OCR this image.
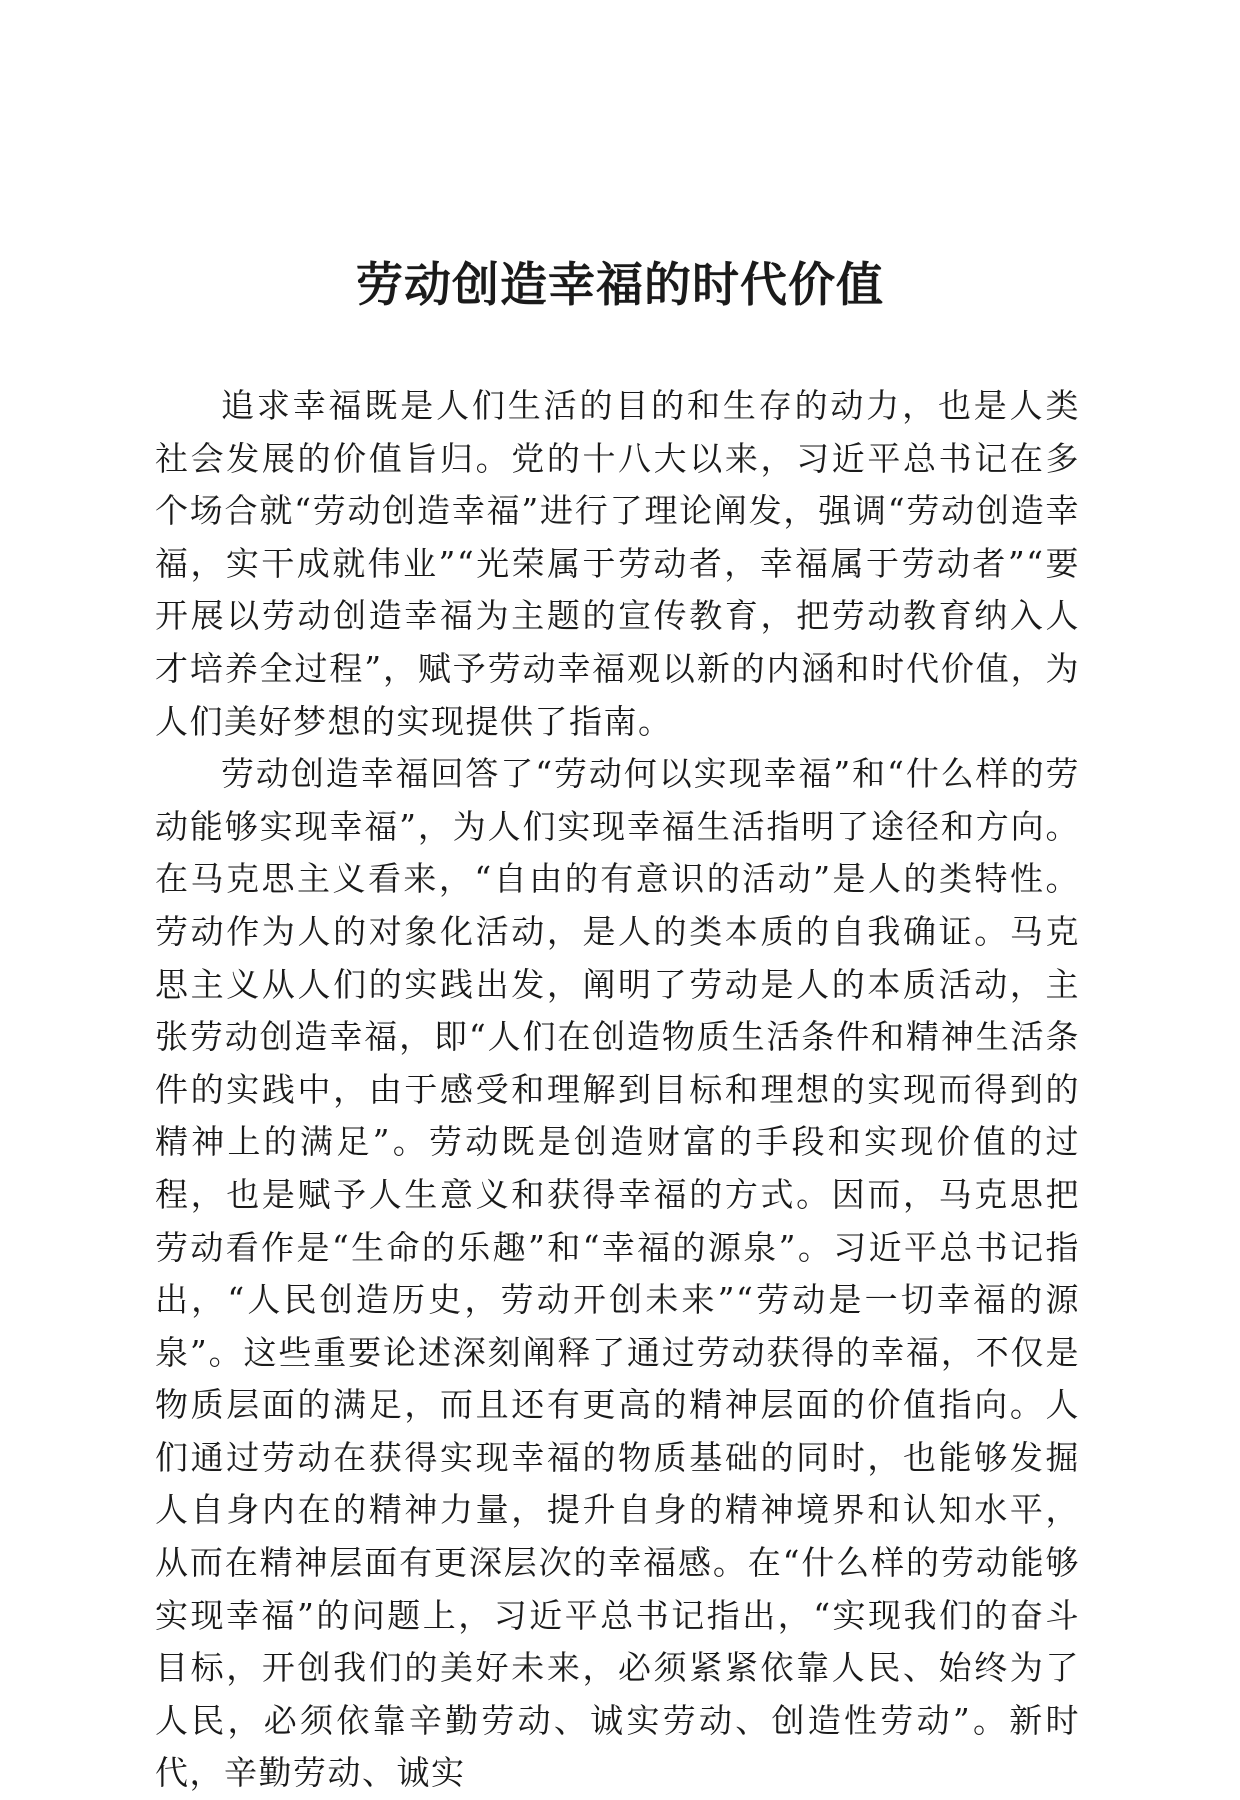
劳动创造幸福的时代价值

追求幸福既是人们生活的目的和生存的动力，也是人类社会发展的价值旨归。党的十八大以来，习近平总书记在多个场合就“劳动创造幸福”进行了理论阐发，强调“劳动创造幸福，实干成就伟业”“光荣属于劳动者，幸福属于劳动者”“要开展以劳动创造幸福为主题的宣传教育，把劳动教育纳入人才培养全过程”，赋予劳动幸福观以新的内涵和时代价值，为人们美好梦想的实现提供了指南。

劳动创造幸福回答了“劳动何以实现幸福”和“什么样的劳动能够实现幸福”，为人们实现幸福生活指明了途径和方向。在马克思主义看来，“自由的有意识的活动”是人的类特性。劳动作为人的对象化活动，是人的类本质的自我确证。马克思主义从人们的实践出发，阐明了劳动是人的本质活动，主张劳动创造幸福，即“人们在创造物质生活条件和精神生活条件的实践中，由于感受和理解到目标和理想的实现而得到的精神上的满足”。劳动既是创造财富的手段和实现价值的过程，也是赋予人生意义和获得幸福的方式。因而，马克思把劳动看作是“生命的乐趣”和“幸福的源泉”。习近平总书记指出，“人民创造历史，劳动开创未来”“劳动是一切幸福的源泉”。这些重要论述深刻阐释了通过劳动获得的幸福，不仅是物质层面的满足，而且还有更高的精神层面的价值指向。人们通过劳动在获得实现幸福的物质基础的同时，也能够发掘人自身内在的精神力量，提升自身的精神境界和认知水平，从而在精神层面有更深层次的幸福感。在“什么样的劳动能够实现幸福”的问题上，习近平总书记指出，“实现我们的奋斗目标，开创我们的美好未来，必须紧紧依靠人民、始终为了人民，必须依靠辛勤劳动、诚实劳动、创造性劳动”。新时代，辛勤劳动、诚实
